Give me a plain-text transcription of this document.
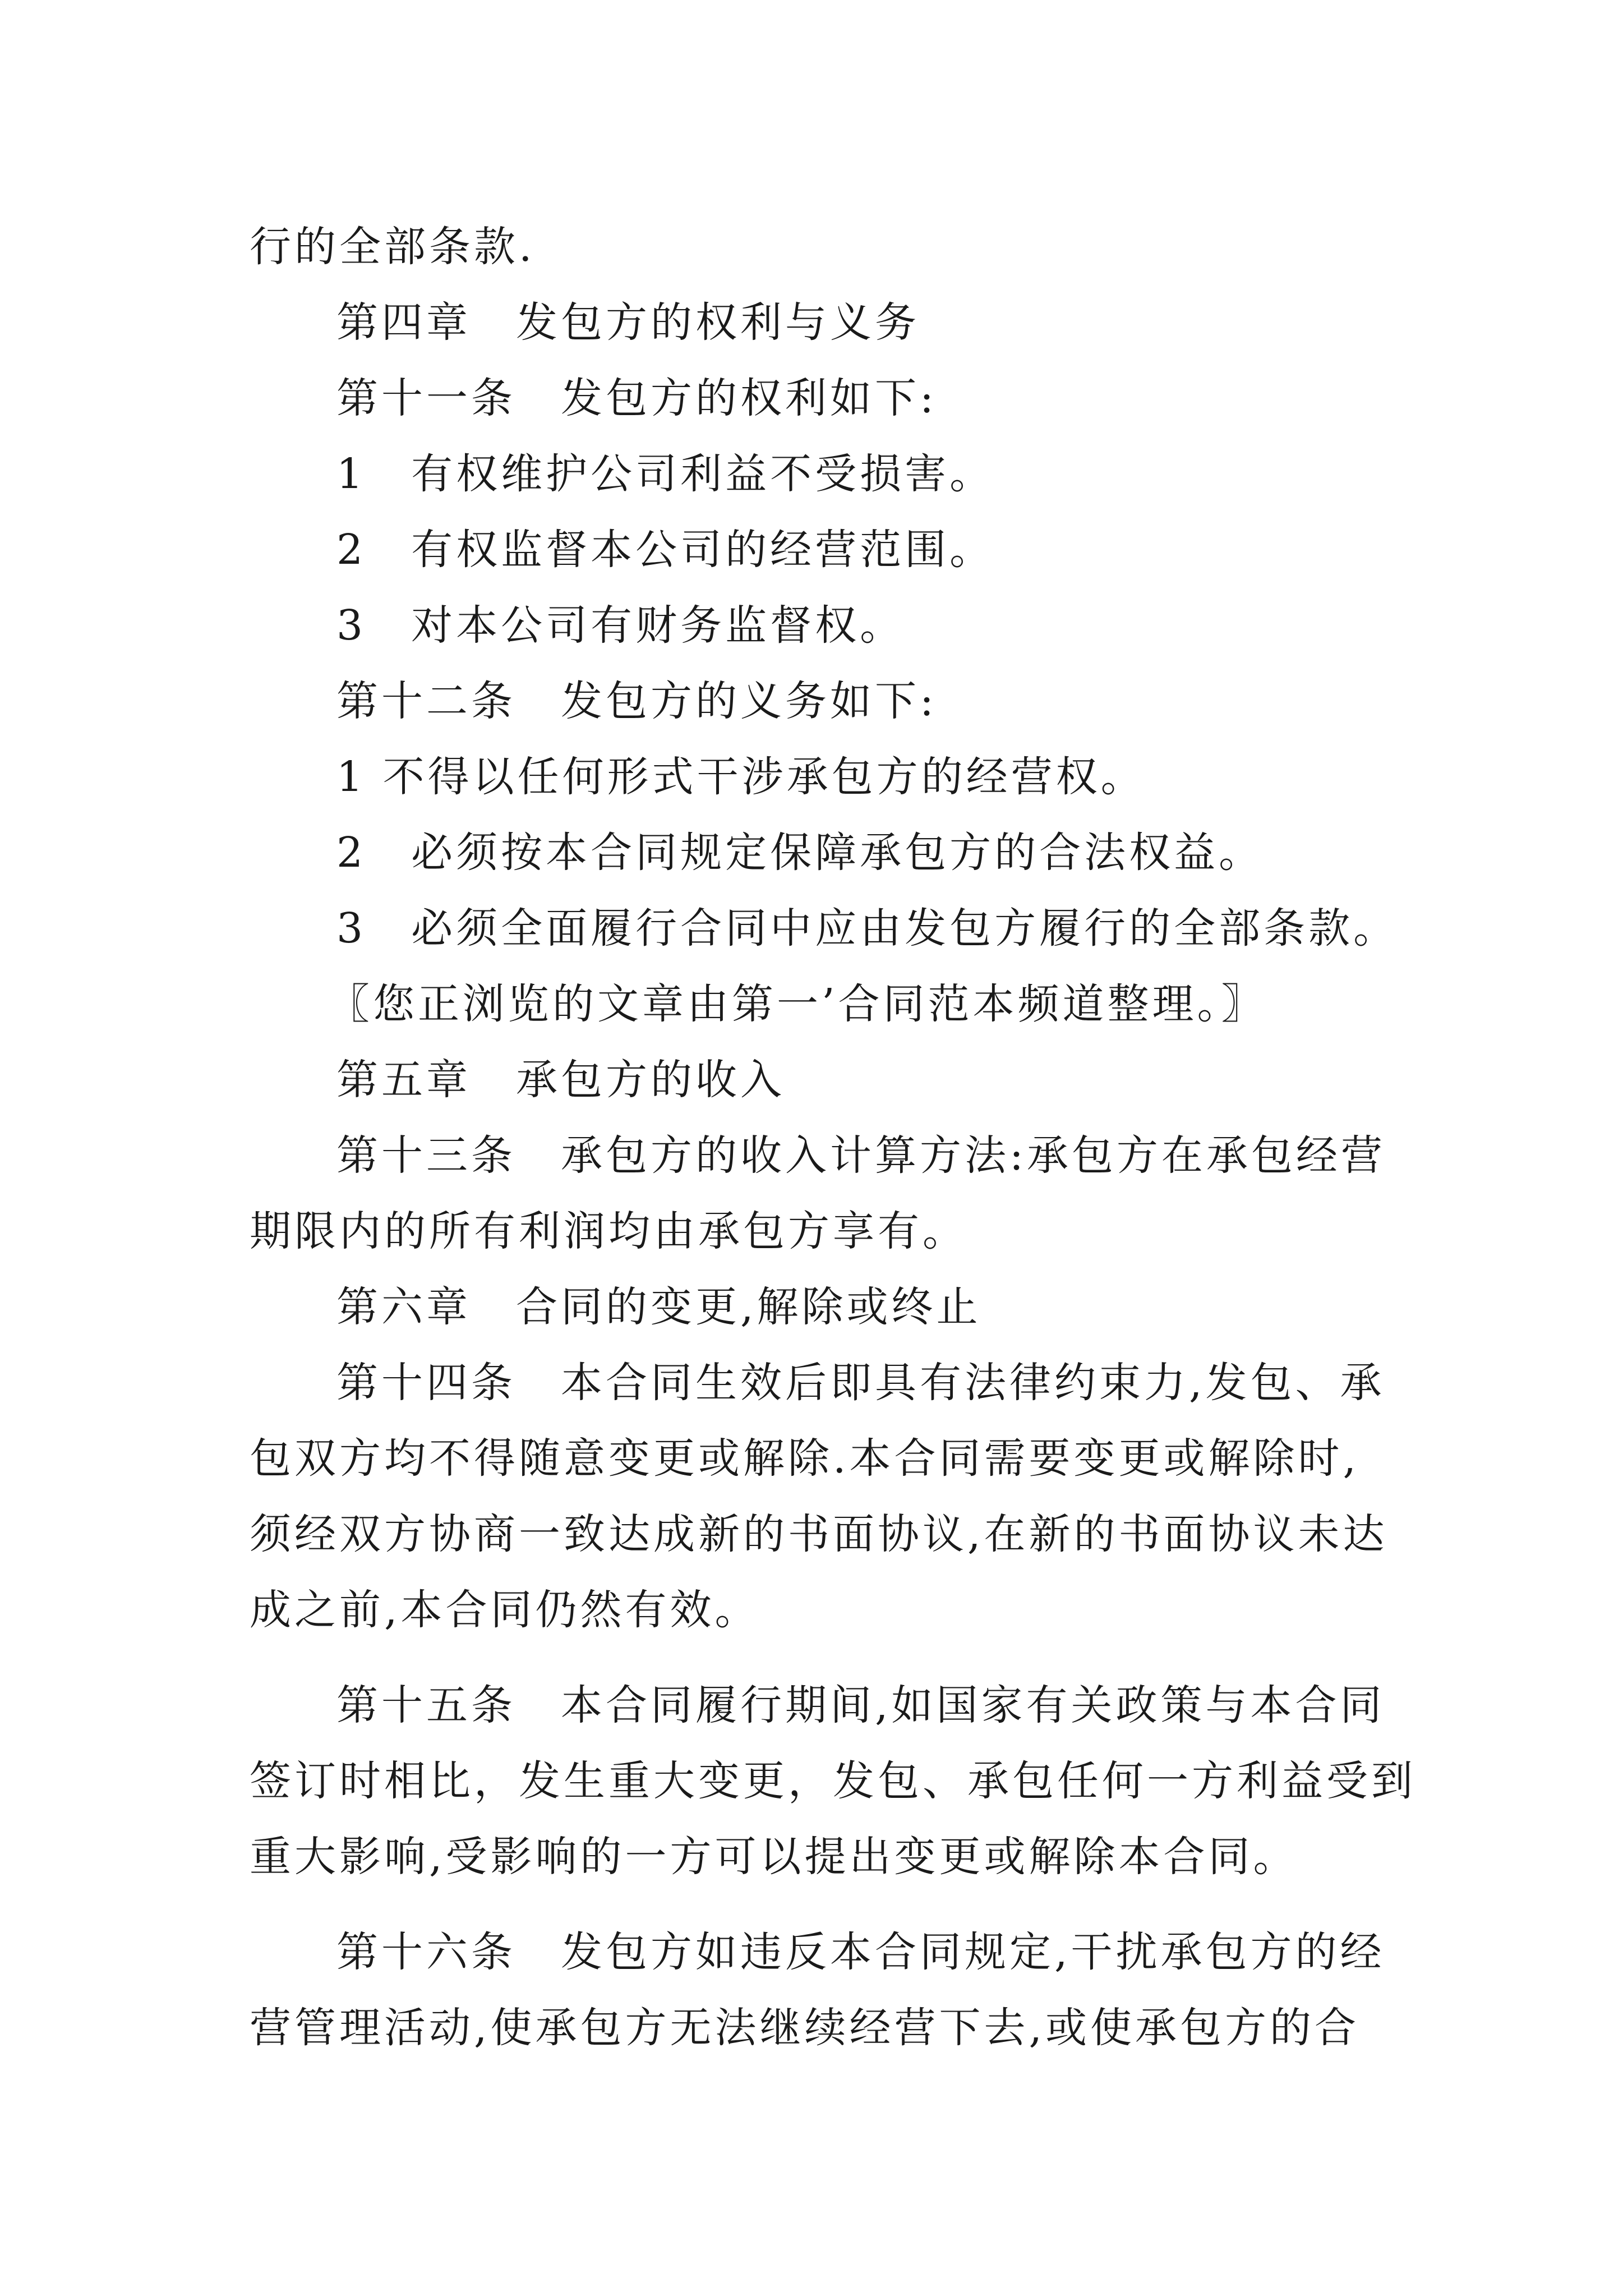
行的全部条款.
第四章　发包方的权利与义务
第十一条　发包方的权利如下:
1　有权维护公司利益不受损害。
2　有权监督本公司的经营范围。
3　对本公司有财务监督权。
第十二条　发包方的义务如下:
1 不得以任何形式干涉承包方的经营权。
2　必须按本合同规定保障承包方的合法权益。
3　必须全面履行合同中应由发包方履行的全部条款。
〖您正浏览的文章由第一’合同范本频道整理。〗
第五章　承包方的收入
第十三条　承包方的收入计算方法:承包方在承包经营
期限内的所有利润均由承包方享有。
第六章　合同的变更,解除或终止
第十四条　本合同生效后即具有法律约束力,发包、承
包双方均不得随意变更或解除.本合同需要变更或解除时,
须经双方协商一致达成新的书面协议,在新的书面协议未达
成之前,本合同仍然有效。
第十五条　本合同履行期间,如国家有关政策与本合同
签订时相比，发生重大变更，发包、承包任何一方利益受到
重大影响,受影响的一方可以提出变更或解除本合同。
第十六条　发包方如违反本合同规定,干扰承包方的经
营管理活动,使承包方无法继续经营下去,或使承包方的合
